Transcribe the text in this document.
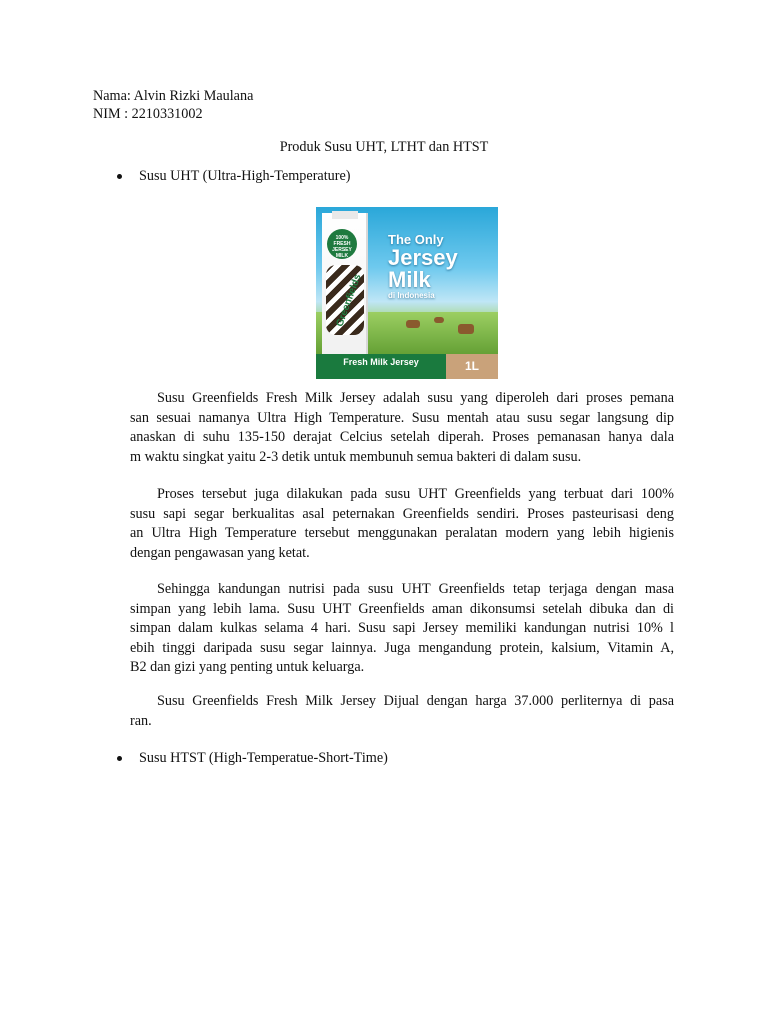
Nama: Alvin Rizki Maulana
NIM : 2210331002
Produk Susu UHT, LTHT dan HTST
Susu UHT (Ultra-High-Temperature)
100% FRESH JERSEY MILK
Greenfields
The Only
Jersey
Milk
di Indonesia
Fresh Milk Jersey	1L
Susu Greenfields Fresh Milk Jersey adalah susu yang diperoleh dari proses pemana
san sesuai namanya Ultra High Temperature. Susu mentah atau susu segar langsung dip
anaskan di suhu 135-150 derajat Celcius setelah diperah. Proses pemanasan hanya dala
m waktu singkat yaitu 2-3 detik untuk membunuh semua bakteri di dalam susu.
Proses tersebut juga dilakukan pada susu UHT Greenfields yang terbuat dari 100%
susu sapi segar berkualitas asal peternakan Greenfields sendiri. Proses pasteurisasi deng
an Ultra High Temperature tersebut menggunakan peralatan modern yang lebih higienis
dengan pengawasan yang ketat.
Sehingga kandungan nutrisi pada susu UHT Greenfields tetap terjaga dengan masa
simpan yang lebih lama. Susu UHT Greenfields aman dikonsumsi setelah dibuka dan di
simpan dalam kulkas selama 4 hari. Susu sapi Jersey memiliki kandungan nutrisi 10% l
ebih tinggi daripada susu segar lainnya. Juga mengandung protein, kalsium, Vitamin A,
B2 dan gizi yang penting untuk keluarga.
Susu Greenfields Fresh Milk Jersey Dijual dengan harga 37.000 perliternya di pasa
ran.
Susu HTST (High-Temperatue-Short-Time)
